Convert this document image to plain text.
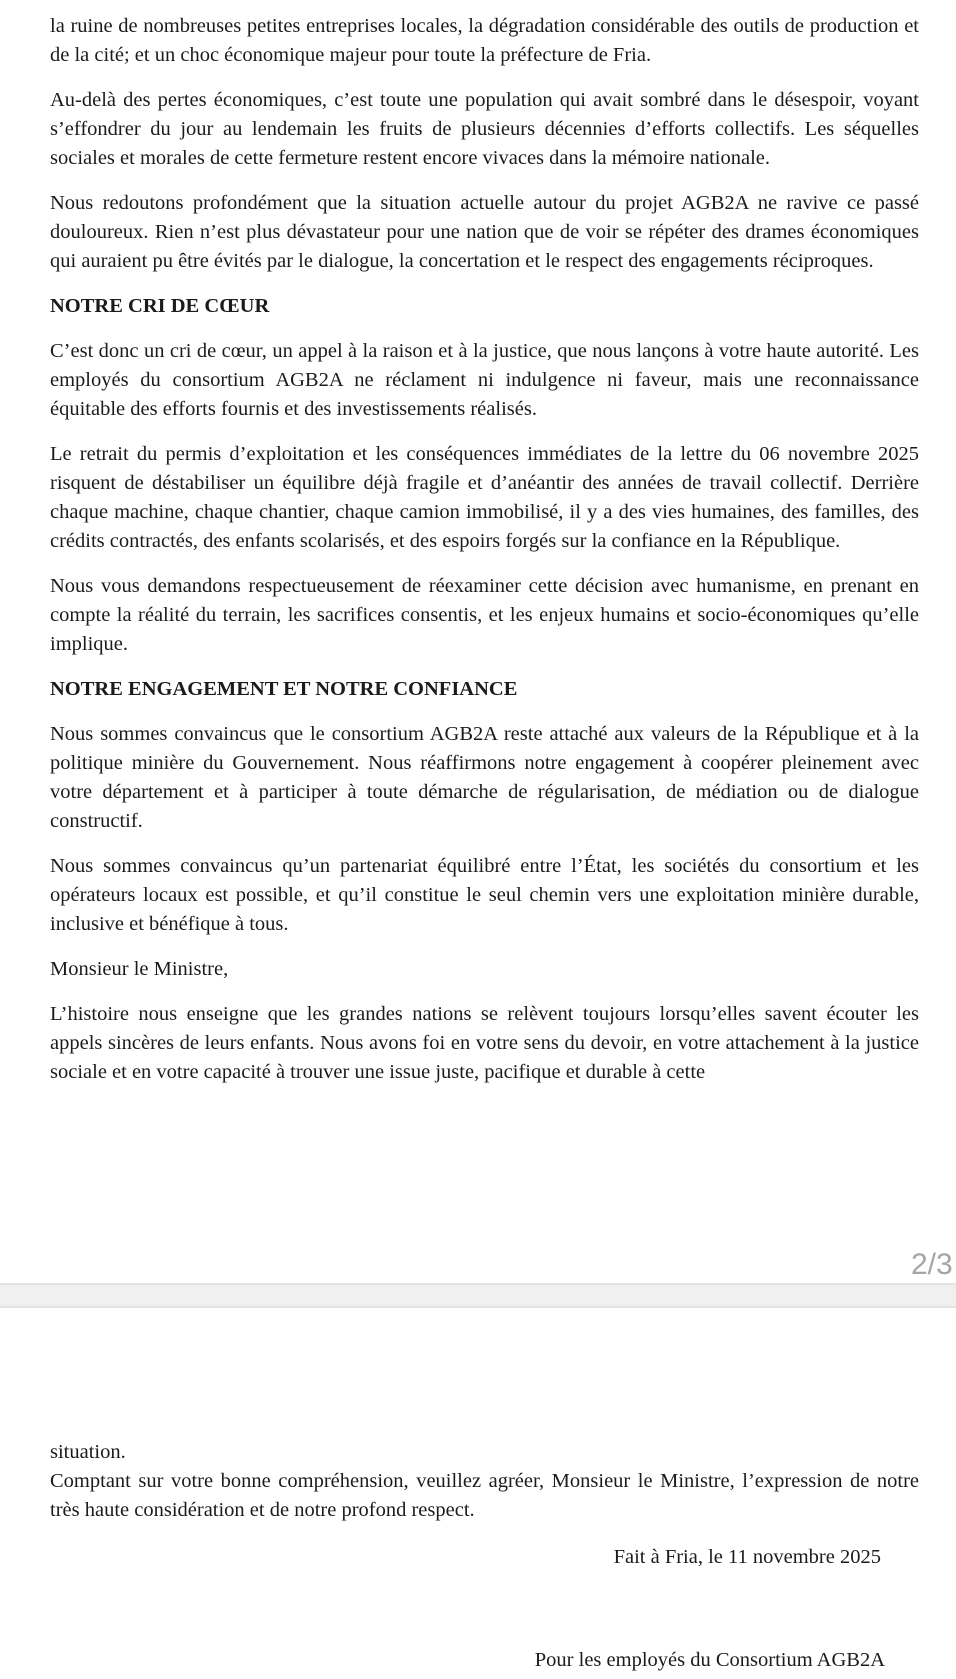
la ruine de nombreuses petites entreprises locales, la dégradation considérable des outils de production et de la cité; et un choc économique majeur pour toute la préfecture de Fria.

Au-delà des pertes économiques, c’est toute une population qui avait sombré dans le désespoir, voyant s’effondrer du jour au lendemain les fruits de plusieurs décennies d’efforts collectifs. Les séquelles sociales et morales de cette fermeture restent encore vivaces dans la mémoire nationale.

Nous redoutons profondément que la situation actuelle autour du projet AGB2A ne ravive ce passé douloureux. Rien n’est plus dévastateur pour une nation que de voir se répéter des drames économiques qui auraient pu être évités par le dialogue, la concertation et le respect des engagements réciproques.

NOTRE CRI DE CŒUR

C’est donc un cri de cœur, un appel à la raison et à la justice, que nous lançons à votre haute autorité. Les employés du consortium AGB2A ne réclament ni indulgence ni faveur, mais une reconnaissance équitable des efforts fournis et des investissements réalisés.

Le retrait du permis d’exploitation et les conséquences immédiates de la lettre du 06 novembre 2025 risquent de déstabiliser un équilibre déjà fragile et d’anéantir des années de travail collectif. Derrière chaque machine, chaque chantier, chaque camion immobilisé, il y a des vies humaines, des familles, des crédits contractés, des enfants scolarisés, et des espoirs forgés sur la confiance en la République.

Nous vous demandons respectueusement de réexaminer cette décision avec humanisme, en prenant en compte la réalité du terrain, les sacrifices consentis, et les enjeux humains et socio-économiques qu’elle implique.

NOTRE ENGAGEMENT ET NOTRE CONFIANCE

Nous sommes convaincus que le consortium AGB2A reste attaché aux valeurs de la République et à la politique minière du Gouvernement. Nous réaffirmons notre engagement à coopérer pleinement avec votre département et à participer à toute démarche de régularisation, de médiation ou de dialogue constructif.

Nous sommes convaincus qu’un partenariat équilibré entre l’État, les sociétés du consortium et les opérateurs locaux est possible, et qu’il constitue le seul chemin vers une exploitation minière durable, inclusive et bénéfique à tous.

Monsieur le Ministre,

L’histoire nous enseigne que les grandes nations se relèvent toujours lorsqu’elles savent écouter les appels sincères de leurs enfants. Nous avons foi en votre sens du devoir, en votre attachement à la justice sociale et en votre capacité à trouver une issue juste, pacifique et durable à cette

2/3

situation.

Comptant sur votre bonne compréhension, veuillez agréer, Monsieur le Ministre, l’expression de notre très haute considération et de notre profond respect.

Fait à Fria, le 11 novembre 2025

Pour les employés du Consortium AGB2A
